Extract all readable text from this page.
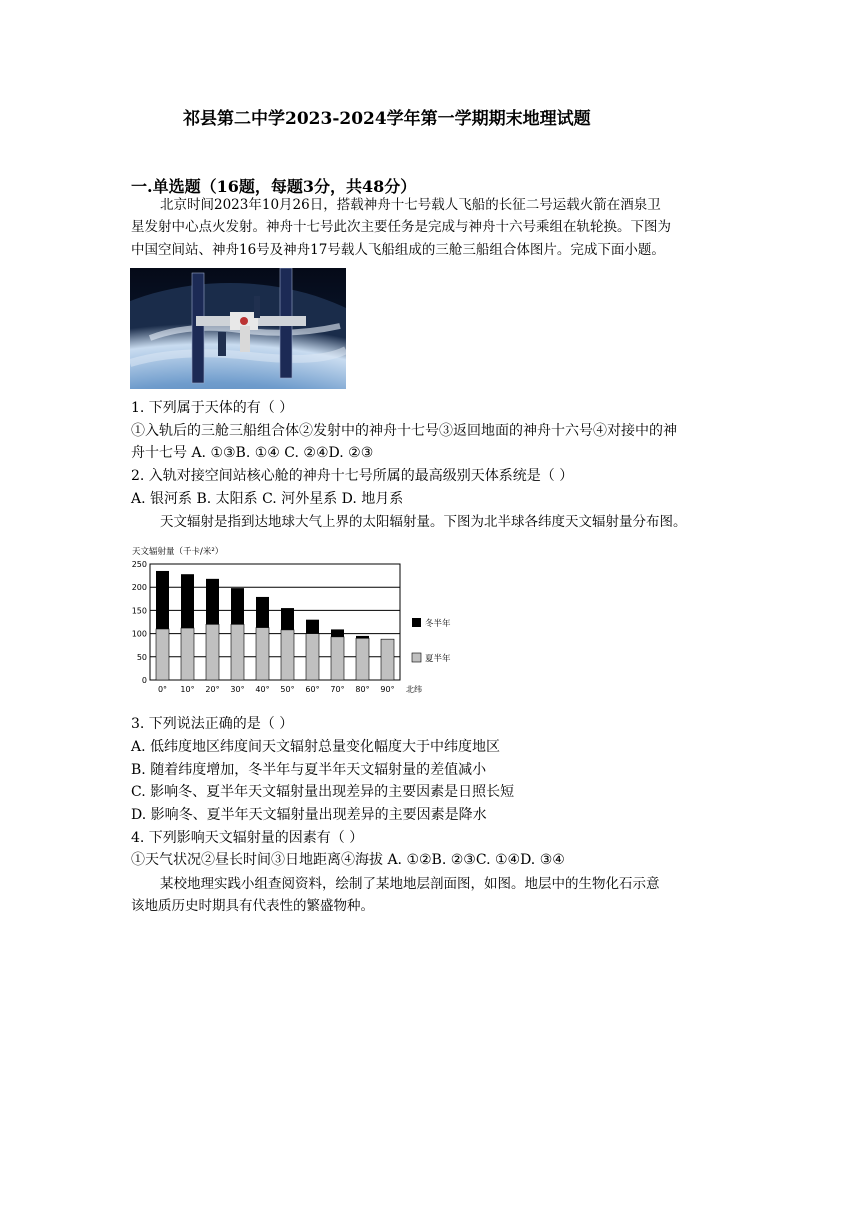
祁县第二中学2023-2024学年第一学期期末地理试题
一.单选题（16题，每题3分，共48分）
北京时间2023年10月26日，搭载神舟十七号载人飞船的长征二号运载火箭在酒泉卫
星发射中心点火发射。神舟十七号此次主要任务是完成与神舟十六号乘组在轨轮换。下图为
中国空间站、神舟16号及神舟17号载人飞船组成的三舱三船组合体图片。完成下面小题。
1. 下列属于天体的有（ ）
①入轨后的三舱三船组合体②发射中的神舟十七号③返回地面的神舟十六号④对接中的神
舟十七号 A. ①③B. ①④ C. ②④D. ②③
2. 入轨对接空间站核心舱的神舟十七号所属的最高级别天体系统是（ ）
A. 银河系 B. 太阳系 C. 河外星系 D. 地月系
天文辐射是指到达地球大气上界的太阳辐射量。下图为北半球各纬度天文辐射量分布图。
天文辐射量（千卡/米²）
0
50
100
150
200
250
0° 10° 20° 30° 40° 50° 60° 70° 80° 90° 北纬
冬半年
夏半年
3. 下列说法正确的是（ ）
A. 低纬度地区纬度间天文辐射总量变化幅度大于中纬度地区
B. 随着纬度增加，冬半年与夏半年天文辐射量的差值减小
C. 影响冬、夏半年天文辐射量出现差异的主要因素是日照长短
D. 影响冬、夏半年天文辐射量出现差异的主要因素是降水
4. 下列影响天文辐射量的因素有（ ）
①天气状况②昼长时间③日地距离④海拔 A. ①②B. ②③C. ①④D. ③④
某校地理实践小组查阅资料，绘制了某地地层剖面图，如图。地层中的生物化石示意
该地质历史时期具有代表性的繁盛物种。
